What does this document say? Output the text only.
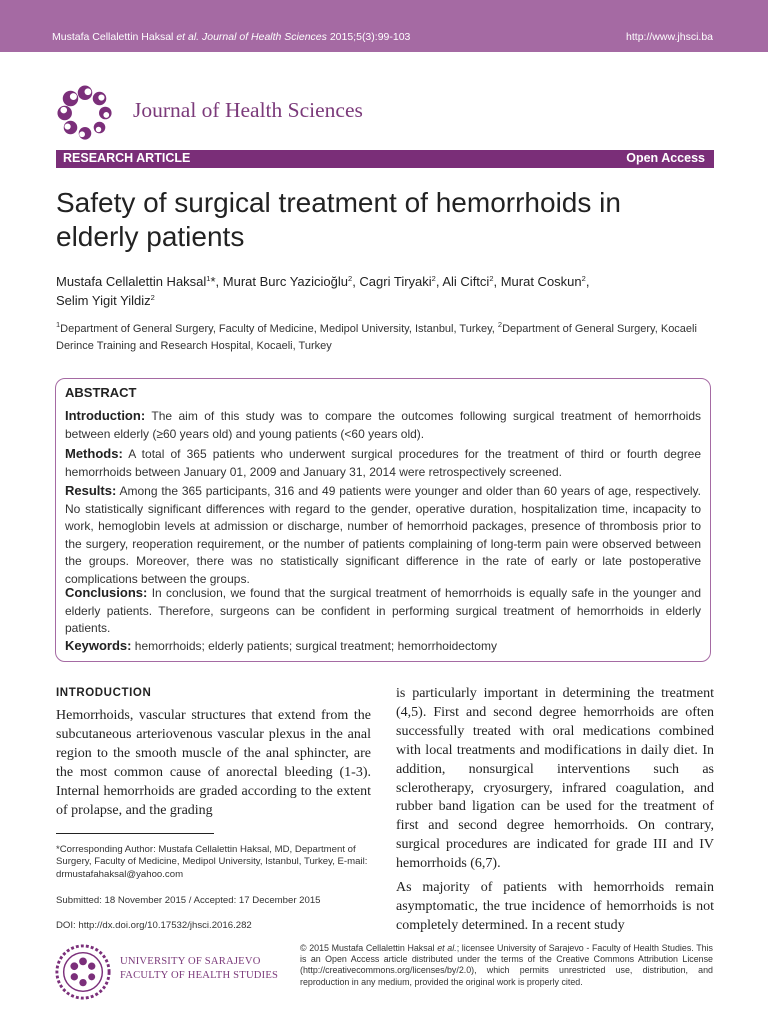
Mustafa Cellalettin Haksal et al. Journal of Health Sciences 2015;5(3):99-103	http://www.jhsci.ba
Journal of Health Sciences
RESEARCH ARTICLE	Open Access
Safety of surgical treatment of hemorrhoids in elderly patients
Mustafa Cellalettin Haksal$^1$*, Murat Burc Yazicioğlu$^2$, Cagri Tiryaki$^2$, Ali Ciftci$^2$, Murat Coskun$^2$,
Selim Yigit Yildiz$^2$
$^1$Department of General Surgery, Faculty of Medicine, Medipol University, Istanbul, Turkey, $^2$Department of General Surgery, Kocaeli Derince Training and Research Hospital, Kocaeli, Turkey
ABSTRACT
Introduction: The aim of this study was to compare the outcomes following surgical treatment of hemorrhoids between elderly (≥60 years old) and young patients (<60 years old).
Methods: A total of 365 patients who underwent surgical procedures for the treatment of third or fourth degree hemorrhoids between January 01, 2009 and January 31, 2014 were retrospectively screened.
Results: Among the 365 participants, 316 and 49 patients were younger and older than 60 years of age, respectively. No statistically significant differences with regard to the gender, operative duration, hospitalization time, incapacity to work, hemoglobin levels at admission or discharge, number of hemorrhoid packages, presence of thrombosis prior to the surgery, reoperation requirement, or the number of patients complaining of long-term pain were observed between the groups. Moreover, there was no statistically significant difference in the rate of early or late postoperative complications between the groups.
Conclusions: In conclusion, we found that the surgical treatment of hemorrhoids is equally safe in the younger and elderly patients. Therefore, surgeons can be confident in performing surgical treatment of hemorrhoids in elderly patients.
Keywords: hemorrhoids; elderly patients; surgical treatment; hemorrhoidectomy
INTRODUCTION
Hemorrhoids, vascular structures that extend from the subcutaneous arteriovenous vascular plexus in the anal region to the smooth muscle of the anal sphincter, are the most common cause of anorectal bleeding (1-3). Internal hemorrhoids are graded according to the extent of prolapse, and the grading
is particularly important in determining the treatment (4,5). First and second degree hemorrhoids are often successfully treated with oral medications combined with local treatments and modifications in daily diet. In addition, nonsurgical interventions such as sclerotherapy, cryosurgery, infrared coagulation, and rubber band ligation can be used for the treatment of first and second degree hemorrhoids. On contrary, surgical procedures are indicated for grade III and IV hemorrhoids (6,7).
As majority of patients with hemorrhoids remain asymptomatic, the true incidence of hemorrhoids is not completely determined. In a recent study
*Corresponding Author: Mustafa Cellalettin Haksal, MD, Department of Surgery, Faculty of Medicine, Medipol University, Istanbul, Turkey, E-mail: drmustafahaksal@yahoo.com
Submitted: 18 November 2015 / Accepted: 17 December 2015
DOI: http://dx.doi.org/10.17532/jhsci.2016.282
UNIVERSITY OF SARAJEVO
FACULTY OF HEALTH STUDIES
© 2015 Mustafa Cellalettin Haksal et al.; licensee University of Sarajevo - Faculty of Health Studies. This is an Open Access article distributed under the terms of the Creative Commons Attribution License (http://creativecommons.org/licenses/by/2.0), which permits unrestricted use, distribution, and reproduction in any medium, provided the original work is properly cited.
